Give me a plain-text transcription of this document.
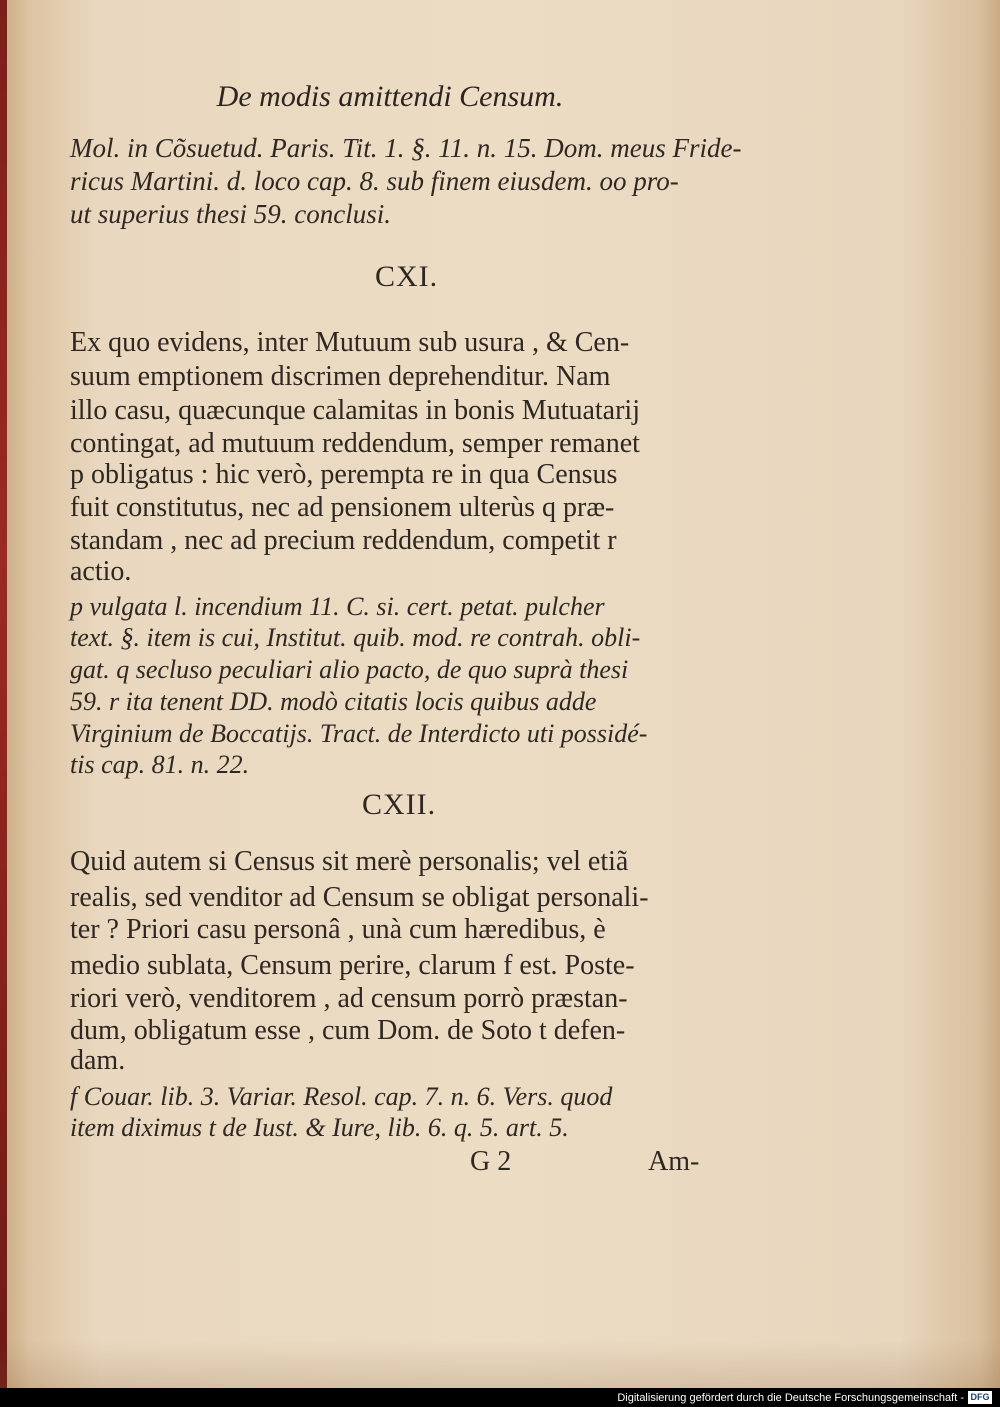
De modis amittendi Censum.
Mol. in Cõsuetud. Paris. Tit. 1. §. 11. n. 15. Dom. meus Fride-
ricus Martini. d. loco cap. 8. sub finem eiusdem. oo pro-
ut superius thesi 59. conclusi.
CXI.
Ex quo evidens, inter Mutuum sub usura , & Cen-
suum emptionem discrimen deprehenditur. Nam
illo casu, quæcunque calamitas in bonis Mutuatarij
contingat, ad mutuum reddendum, semper remanet
p obligatus : hic verò, perempta re in qua Census
fuit constitutus, nec ad pensionem ulterùs q præ-
standam , nec ad precium reddendum, competit r
actio.
p vulgata l. incendium 11. C. si. cert. petat. pulcher
text. §. item is cui, Institut. quib. mod. re contrah. obli-
gat. q secluso peculiari alio pacto, de quo suprà thesi
59. r ita tenent DD. modò citatis locis quibus adde
Virginium de Boccatijs. Tract. de Interdicto uti possidé-
tis cap. 81. n. 22.
CXII.
Quid autem si Census sit merè personalis; vel etiã
realis, sed venditor ad Censum se obligat personali-
ter ? Priori casu personâ , unà cum hæredibus, è
medio sublata, Censum perire, clarum f est. Poste-
riori verò, venditorem , ad censum porrò præstan-
dum, obligatum esse , cum Dom. de Soto t defen-
dam.
f Couar. lib. 3. Variar. Resol. cap. 7. n. 6. Vers. quod
item diximus t de Iust. & Iure, lib. 6. q. 5. art. 5.
G 2	Am-
Digitalisierung gefördert durch die Deutsche Forschungsgemeinschaft - DFG
